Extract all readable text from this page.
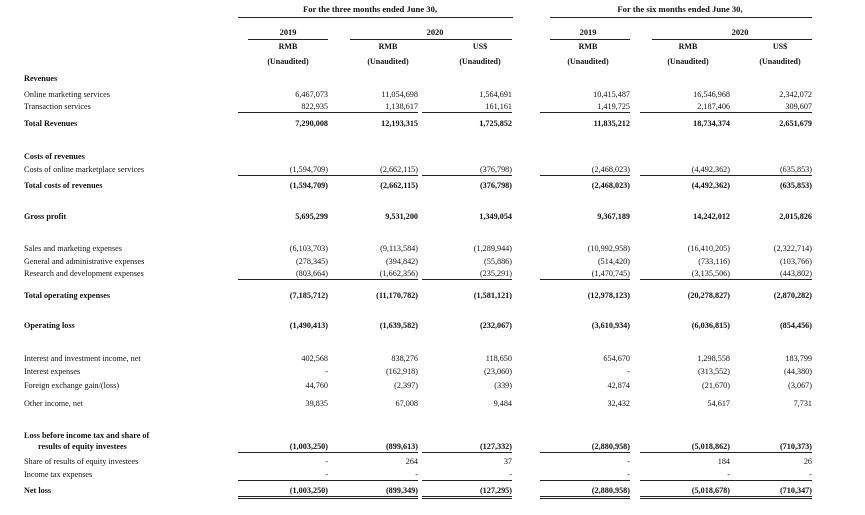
For the three months ended June 30,	For the six months ended June 30,
2019	2020	2019	2020
RMB	RMB	US$	RMB	RMB	US$
(Unaudited)	(Unaudited)	(Unaudited)	(Unaudited)	(Unaudited)	(Unaudited)
Revenues
Online marketing services	6,467,073	11,054,698	1,564,691	10,415,487	16,546,968	2,342,072
Transaction services	822,935	1,138,617	161,161	1,419,725	2,187,406	309,607
Total Revenues	7,290,008	12,193,315	1,725,852	11,835,212	18,734,374	2,651,679
Costs of revenues
Costs of online marketplace services	(1,594,709)	(2,662,115)	(376,798)	(2,468,023)	(4,492,362)	(635,853)
Total costs of revenues	(1,594,709)	(2,662,115)	(376,798)	(2,468,023)	(4,492,362)	(635,853)
Gross profit	5,695,299	9,531,200	1,349,054	9,367,189	14,242,012	2,015,826
Sales and marketing expenses	(6,103,703)	(9,113,584)	(1,289,944)	(10,992,958)	(16,410,205)	(2,322,714)
General and administrative expenses	(278,345)	(394,842)	(55,886)	(514,420)	(733,116)	(103,766)
Research and development expenses	(803,664)	(1,662,356)	(235,291)	(1,470,745)	(3,135,506)	(443,802)
Total operating expenses	(7,185,712)	(11,170,782)	(1,581,121)	(12,978,123)	(20,278,827)	(2,870,282)
Operating loss	(1,490,413)	(1,639,582)	(232,067)	(3,610,934)	(6,036,815)	(854,456)
Interest and investment income, net	402,568	838,276	118,650	654,670	1,298,558	183,799
Interest expenses	-	(162,918)	(23,060)	-	(313,552)	(44,380)
Foreign exchange gain/(loss)	44,760	(2,397)	(339)	42,874	(21,670)	(3,067)
Other income, net	39,835	67,008	9,484	32,432	54,617	7,731
Loss before income tax and share of
results of equity investees	(1,003,250)	(899,613)	(127,332)	(2,880,958)	(5,018,862)	(710,373)
Share of results of equity investees	-	264	37	-	184	26
Income tax expenses	-	-	-	-	-	-
Net loss	(1,003,250)	(899,349)	(127,295)	(2,880,958)	(5,018,678)	(710,347)
